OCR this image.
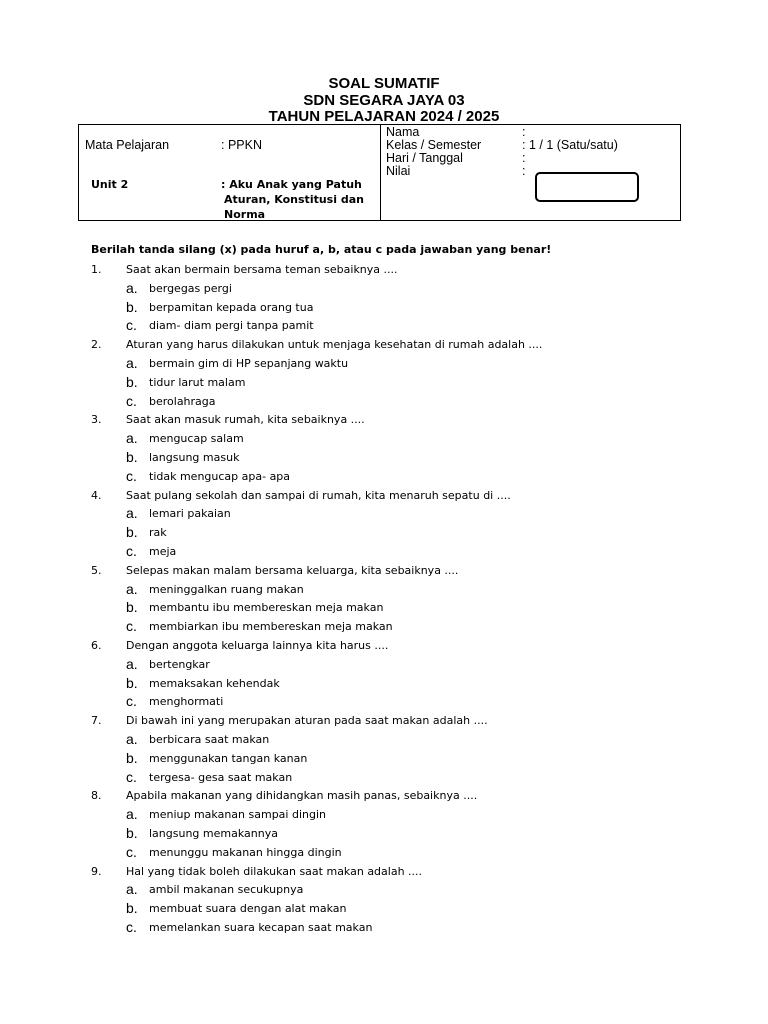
SOAL SUMATIF
SDN SEGARA JAYA 03
TAHUN PELAJARAN 2024 / 2025
Mata Pelajaran	: PPKN
Unit 2	: Aku Anak yang Patuh
Aturan, Konstitusi dan
Norma
Nama	:
Kelas / Semester	: 1 / 1 (Satu/satu)
Hari / Tanggal	:
Nilai	:
Berilah tanda silang (x) pada huruf a, b, atau c pada jawaban yang benar!
1. Saat akan bermain bersama teman sebaiknya ....
a. bergegas pergi
b. berpamitan kepada orang tua
c. diam- diam pergi tanpa pamit
2. Aturan yang harus dilakukan untuk menjaga kesehatan di rumah adalah ....
a. bermain gim di HP sepanjang waktu
b. tidur larut malam
c. berolahraga
3. Saat akan masuk rumah, kita sebaiknya ....
a. mengucap salam
b. langsung masuk
c. tidak mengucap apa- apa
4. Saat pulang sekolah dan sampai di rumah, kita menaruh sepatu di ....
a. lemari pakaian
b. rak
c. meja
5. Selepas makan malam bersama keluarga, kita sebaiknya ....
a. meninggalkan ruang makan
b. membantu ibu membereskan meja makan
c. membiarkan ibu membereskan meja makan
6. Dengan anggota keluarga lainnya kita harus ....
a. bertengkar
b. memaksakan kehendak
c. menghormati
7. Di bawah ini yang merupakan aturan pada saat makan adalah ....
a. berbicara saat makan
b. menggunakan tangan kanan
c. tergesa- gesa saat makan
8. Apabila makanan yang dihidangkan masih panas, sebaiknya ....
a. meniup makanan sampai dingin
b. langsung memakannya
c. menunggu makanan hingga dingin
9. Hal yang tidak boleh dilakukan saat makan adalah ....
a. ambil makanan secukupnya
b. membuat suara dengan alat makan
c. memelankan suara kecapan saat makan
